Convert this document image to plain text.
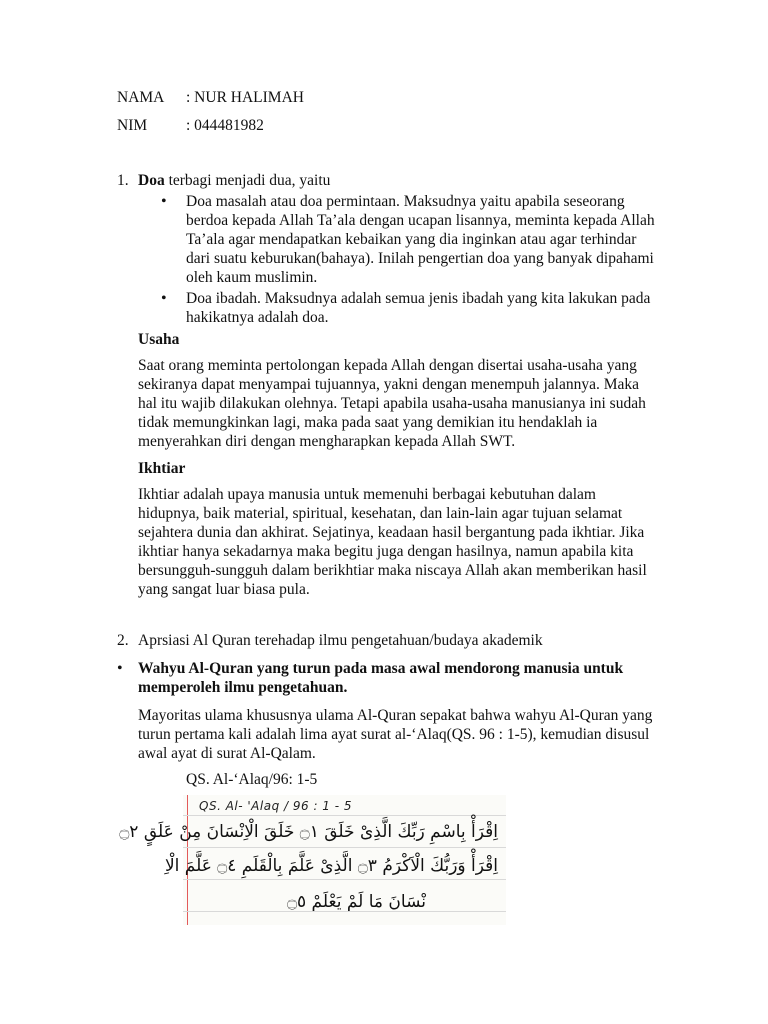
NAMA : NUR HALIMAH
NIM	: 044481982
1. Doa terbagi menjadi dua, yaitu

• Doa masalah atau doa permintaan. Maksudnya yaitu apabila seseorang berdoa kepada Allah Ta’ala dengan ucapan lisannya, meminta kepada Allah Ta’ala agar mendapatkan kebaikan yang dia inginkan atau agar terhindar dari suatu keburukan(bahaya). Inilah pengertian doa yang banyak dipahami oleh kaum muslimin.

• Doa ibadah. Maksudnya adalah semua jenis ibadah yang kita lakukan pada hakikatnya adalah doa.

Usaha

Saat orang meminta pertolongan kepada Allah dengan disertai usaha-usaha yang sekiranya dapat menyampai tujuannya, yakni dengan menempuh jalannya. Maka hal itu wajib dilakukan olehnya. Tetapi apabila usaha-usaha manusianya ini sudah tidak memungkinkan lagi, maka pada saat yang demikian itu hendaklah ia menyerahkan diri dengan mengharapkan kepada Allah SWT.

Ikhtiar

Ikhtiar adalah upaya manusia untuk memenuhi berbagai kebutuhan dalam hidupnya, baik material, spiritual, kesehatan, dan lain-lain agar tujuan selamat sejahtera dunia dan akhirat. Sejatinya, keadaan hasil bergantung pada ikhtiar. Jika ikhtiar hanya sekadarnya maka begitu juga dengan hasilnya, namun apabila kita bersungguh-sungguh dalam berikhtiar maka niscaya Allah akan memberikan hasil yang sangat luar biasa pula.

2. Aprsiasi Al Quran terehadap ilmu pengetahuan/budaya akademik
• Wahyu Al-Quran yang turun pada masa awal mendorong manusia untuk memperoleh ilmu pengetahuan.

Mayoritas ulama khususnya ulama Al-Quran sepakat bahwa wahyu Al-Quran yang turun pertama kali adalah lima ayat surat al-‘Alaq(QS. 96 : 1-5), kemudian disusul awal ayat di surat Al-Qalam.

QS. Al-‘Alaq/96: 1-5
QS. Al- 'Alaq / 96 : 1 - 5
اِقْرَأْ بِاسْمِ رَبِّكَ الَّذِىْ خَلَقَ ۝١ خَلَقَ الْاِنْسَانَ مِنْ عَلَقٍ ۝٢
اِقْرَأْ وَرَبُّكَ الْاَكْرَمُ ۝٣ الَّذِىْ عَلَّمَ بِالْقَلَمِ ۝٤ عَلَّمَ الْاِ
نْسَانَ مَا لَمْ يَعْلَمْ ۝٥
